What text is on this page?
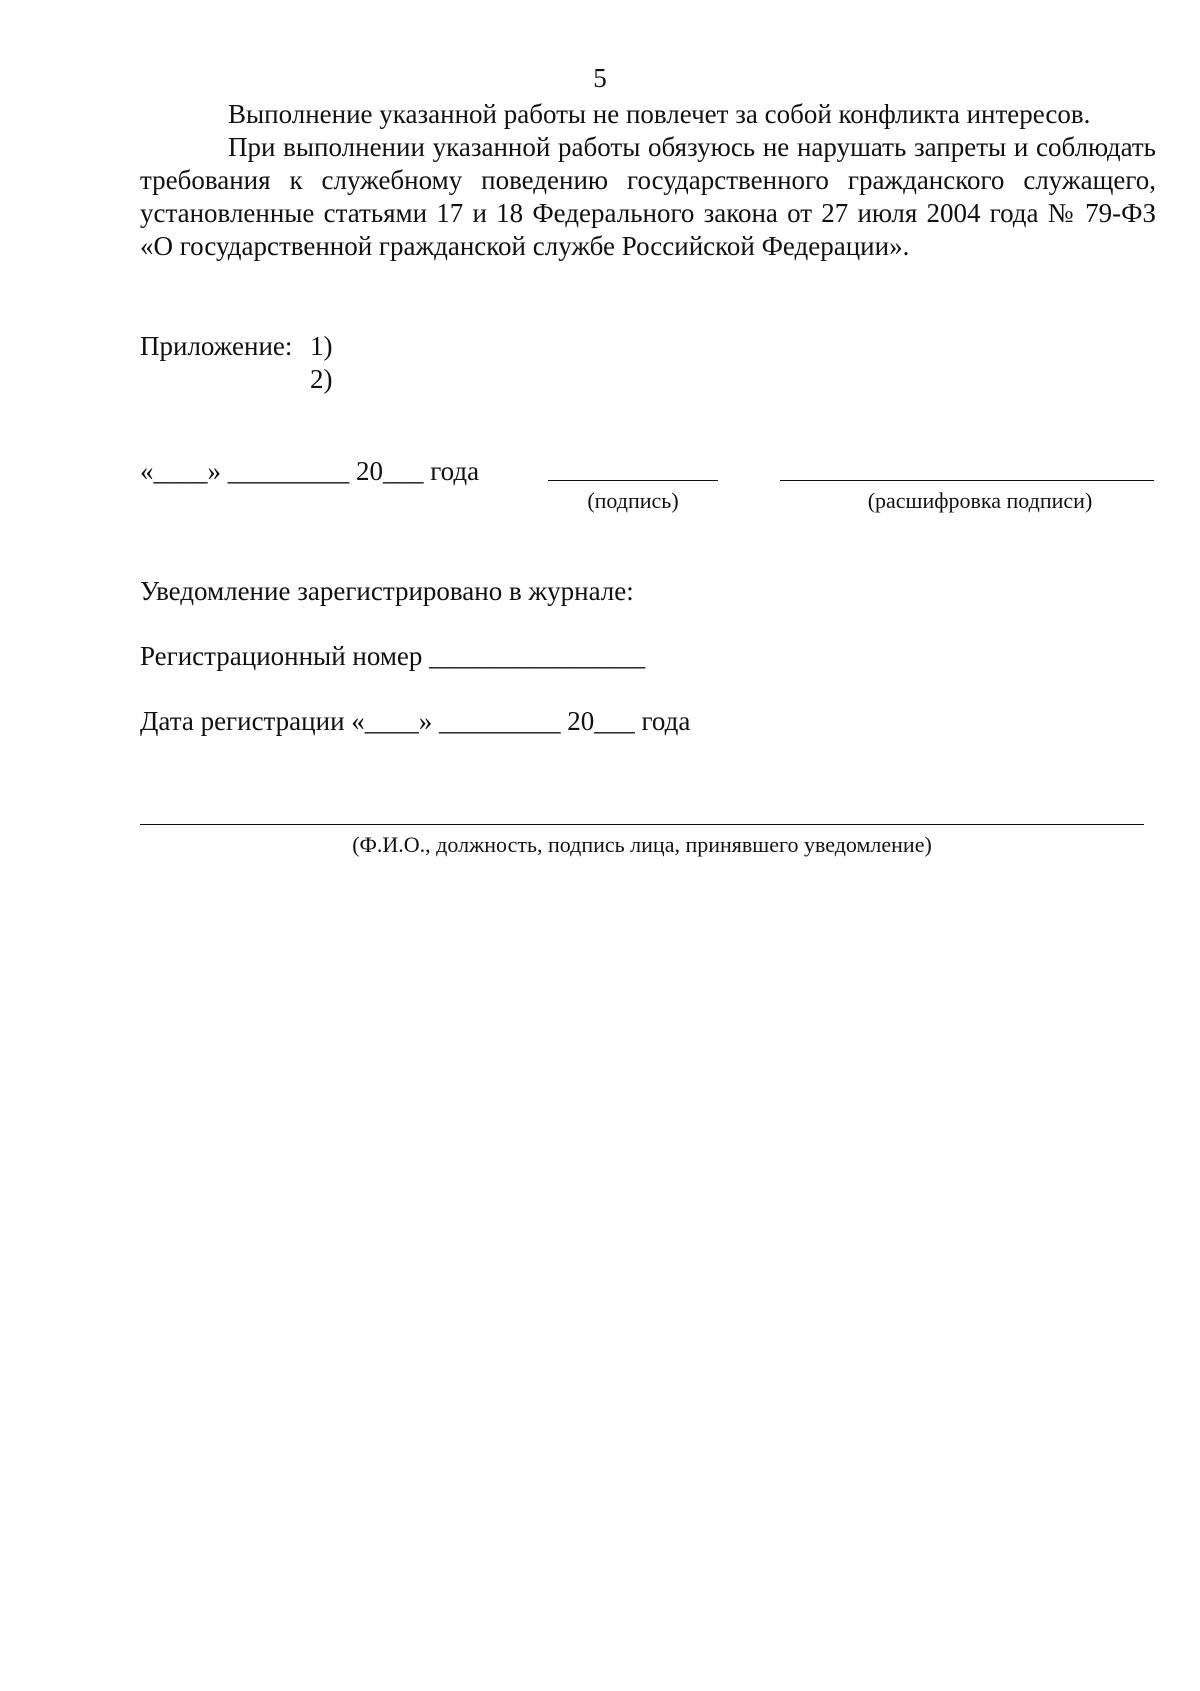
5
Выполнение указанной работы не повлечет за собой конфликта интересов.
При выполнении указанной работы обязуюсь не нарушать запреты и соблюдать требования к служебному поведению государственного гражданского служащего, установленные статьями 17 и 18 Федерального закона от 27 июля 2004 года № 79-ФЗ «О государственной гражданской службе Российской Федерации».
Приложение: 1)
2)
«____» _________ 20___ года
(подпись)	(расшифровка подписи)
Уведомление зарегистрировано в журнале:
Регистрационный номер ________________
Дата регистрации «____» _________ 20___ года
(Ф.И.О., должность, подпись лица, принявшего уведомление)
